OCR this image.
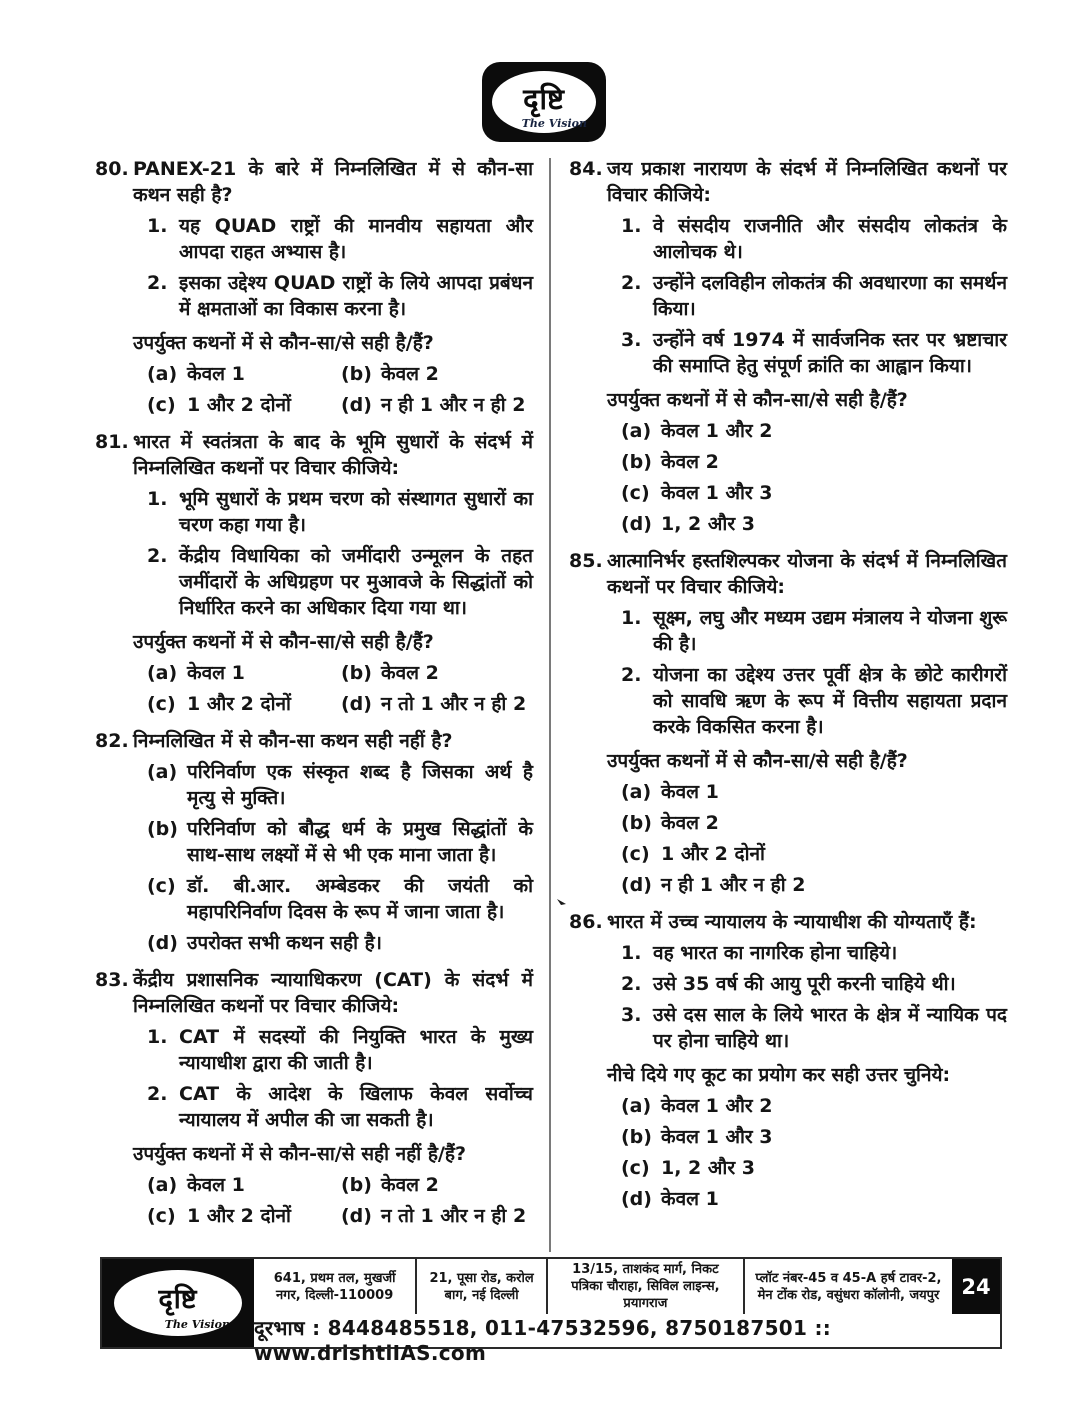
दृष्टि
The Vision
80. PANEX-21 के बारे में निम्नलिखित में से कौन-सा कथन सही है?

1. यह QUAD राष्ट्रों की मानवीय सहायता और आपदा राहत अभ्यास है।
2. इसका उद्देश्य QUAD राष्ट्रों के लिये आपदा प्रबंधन में क्षमताओं का विकास करना है।

उपर्युक्त कथनों में से कौन-सा/से सही है/हैं?

(a) केवल 1	(b) केवल 2
(c) 1 और 2 दोनों	(d) न ही 1 और न ही 2
81. भारत में स्वतंत्रता के बाद के भूमि सुधारों के संदर्भ में निम्नलिखित कथनों पर विचार कीजिये:

1. भूमि सुधारों के प्रथम चरण को संस्थागत सुधारों का चरण कहा गया है।
2. केंद्रीय विधायिका को जमींदारी उन्मूलन के तहत जमींदारों के अधिग्रहण पर मुआवजे के सिद्धांतों को निर्धारित करने का अधिकार दिया गया था।

उपर्युक्त कथनों में से कौन-सा/से सही है/हैं?

(a) केवल 1	(b) केवल 2
(c) 1 और 2 दोनों	(d) न तो 1 और न ही 2
82. निम्नलिखित में से कौन-सा कथन सही नहीं है?

(a) परिनिर्वाण एक संस्कृत शब्द है जिसका अर्थ है मृत्यु से मुक्ति।
(b) परिनिर्वाण को बौद्ध धर्म के प्रमुख सिद्धांतों के साथ-साथ लक्ष्यों में से भी एक माना जाता है।
(c) डॉ. बी.आर. अम्बेडकर की जयंती को महापरिनिर्वाण दिवस के रूप में जाना जाता है।
(d) उपरोक्त सभी कथन सही है।
83. केंद्रीय प्रशासनिक न्यायाधिकरण (CAT) के संदर्भ में निम्नलिखित कथनों पर विचार कीजिये:

1. CAT में सदस्यों की नियुक्ति भारत के मुख्य न्यायाधीश द्वारा की जाती है।
2. CAT के आदेश के खिलाफ केवल सर्वोच्च न्यायालय में अपील की जा सकती है।

उपर्युक्त कथनों में से कौन-सा/से सही नहीं है/हैं?

(a) केवल 1	(b) केवल 2
(c) 1 और 2 दोनों	(d) न तो 1 और न ही 2
84. जय प्रकाश नारायण के संदर्भ में निम्नलिखित कथनों पर विचार कीजिये:

1. वे संसदीय राजनीति और संसदीय लोकतंत्र के आलोचक थे।
2. उन्होंने दलविहीन लोकतंत्र की अवधारणा का समर्थन किया।
3. उन्होंने वर्ष 1974 में सार्वजनिक स्तर पर भ्रष्टाचार की समाप्ति हेतु संपूर्ण क्रांति का आह्वान किया।

उपर्युक्त कथनों में से कौन-सा/से सही है/हैं?

(a) केवल 1 और 2
(b) केवल 2
(c) केवल 1 और 3
(d) 1, 2 और 3
85. आत्मानिर्भर हस्तशिल्पकर योजना के संदर्भ में निम्नलिखित कथनों पर विचार कीजिये:

1. सूक्ष्म, लघु और मध्यम उद्यम मंत्रालय ने योजना शुरू की है।
2. योजना का उद्देश्य उत्तर पूर्वी क्षेत्र के छोटे कारीगरों को सावधि ऋण के रूप में वित्तीय सहायता प्रदान करके विकसित करना है।

उपर्युक्त कथनों में से कौन-सा/से सही है/हैं?

(a) केवल 1
(b) केवल 2
(c) 1 और 2 दोनों
(d) न ही 1 और न ही 2
86. भारत में उच्च न्यायालय के न्यायाधीश की योग्यताएँ हैं:

1. वह भारत का नागरिक होना चाहिये।
2. उसे 35 वर्ष की आयु पूरी करनी चाहिये थी।
3. उसे दस साल के लिये भारत के क्षेत्र में न्यायिक पद पर होना चाहिये था।

नीचे दिये गए कूट का प्रयोग कर सही उत्तर चुनिये:

(a) केवल 1 और 2
(b) केवल 1 और 3
(c) 1, 2 और 3
(d) केवल 1
दृष्टि
The Vision
641, प्रथम तल, मुखर्जी नगर, दिल्ली-110009
21, पूसा रोड, करोल बाग, नई दिल्ली
13/15, ताशकंद मार्ग, निकट पत्रिका चौराहा, सिविल लाइन्स, प्रयागराज
प्लॉट नंबर-45 व 45-A हर्ष टावर-2, मेन टोंक रोड, वसुंधरा कॉलोनी, जयपुर	24
दूरभाष : 8448485518, 011-47532596, 8750187501 :: www.drishtiIAS.com
